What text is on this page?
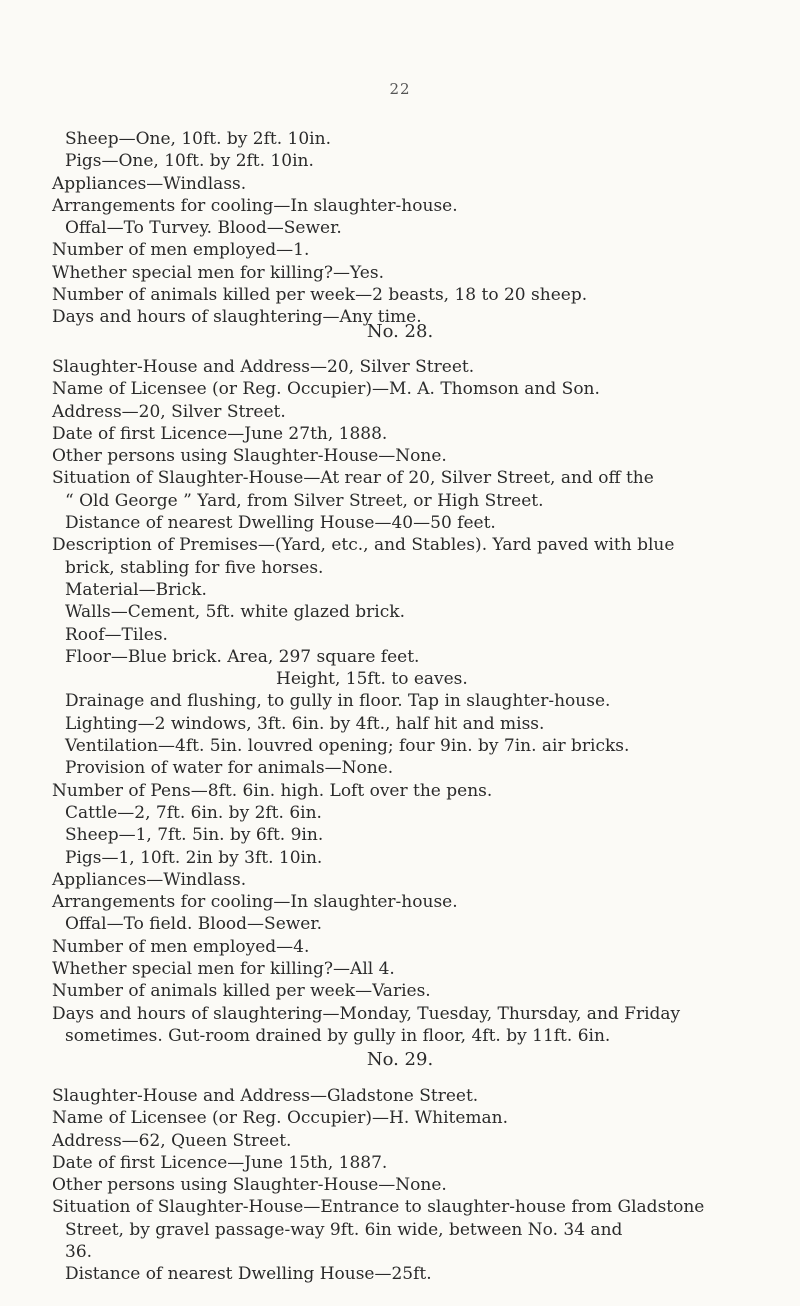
22
Sheep—One, 10ft. by 2ft. 10in.
Pigs—One, 10ft. by 2ft. 10in.
Appliances—Windlass.
Arrangements for cooling—In slaughter-house.
Offal—To Turvey. Blood—Sewer.
Number of men employed—1.
Whether special men for killing?—Yes.
Number of animals killed per week—2 beasts, 18 to 20 sheep.
Days and hours of slaughtering—Any time.
No. 28.
Slaughter-House and Address—20, Silver Street.
Name of Licensee (or Reg. Occupier)—M. A. Thomson and Son.
Address—20, Silver Street.
Date of first Licence—June 27th, 1888.
Other persons using Slaughter-House—None.
Situation of Slaughter-House—At rear of 20, Silver Street, and off the
“ Old George ” Yard, from Silver Street, or High Street.
Distance of nearest Dwelling House—40—50 feet.
Description of Premises—(Yard, etc., and Stables). Yard paved with blue
brick, stabling for five horses.
Material—Brick.
Walls—Cement, 5ft. white glazed brick.
Roof—Tiles.
Floor—Blue brick. Area, 297 square feet.
Height, 15ft. to eaves.
Drainage and flushing, to gully in floor. Tap in slaughter-house.
Lighting—2 windows, 3ft. 6in. by 4ft., half hit and miss.
Ventilation—4ft. 5in. louvred opening; four 9in. by 7in. air bricks.
Provision of water for animals—None.
Number of Pens—8ft. 6in. high. Loft over the pens.
Cattle—2, 7ft. 6in. by 2ft. 6in.
Sheep—1, 7ft. 5in. by 6ft. 9in.
Pigs—1, 10ft. 2in by 3ft. 10in.
Appliances—Windlass.
Arrangements for cooling—In slaughter-house.
Offal—To field. Blood—Sewer.
Number of men employed—4.
Whether special men for killing?—All 4.
Number of animals killed per week—Varies.
Days and hours of slaughtering—Monday, Tuesday, Thursday, and Friday
sometimes. Gut-room drained by gully in floor, 4ft. by 11ft. 6in.
No. 29.
Slaughter-House and Address—Gladstone Street.
Name of Licensee (or Reg. Occupier)—H. Whiteman.
Address—62, Queen Street.
Date of first Licence—June 15th, 1887.
Other persons using Slaughter-House—None.
Situation of Slaughter-House—Entrance to slaughter-house from Gladstone
Street, by gravel passage-way 9ft. 6in wide, between No. 34 and
36.
Distance of nearest Dwelling House—25ft.
